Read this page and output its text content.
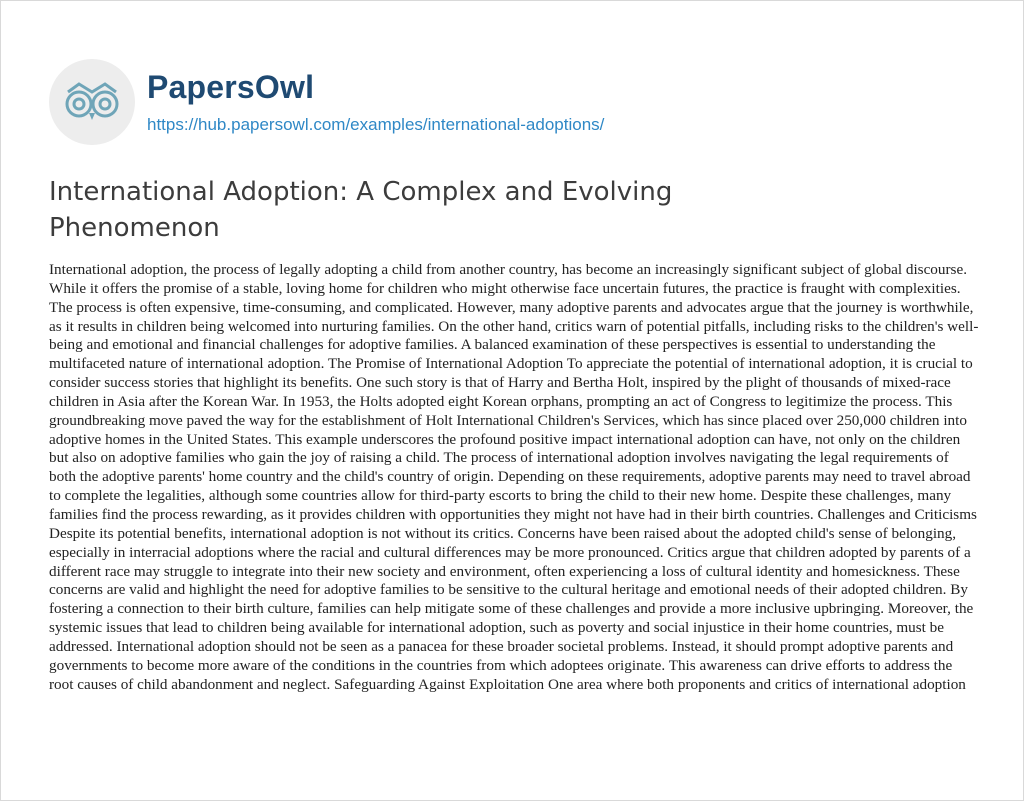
PapersOwl
https://hub.papersowl.com/examples/international-adoptions/
International Adoption: A Complex and Evolving Phenomenon

International adoption, the process of legally adopting a child from another country, has become an increasingly significant subject of global discourse. While it offers the promise of a stable, loving home for children who might otherwise face uncertain futures, the practice is fraught with complexities. The process is often expensive, time-consuming, and complicated. However, many adoptive parents and advocates argue that the journey is worthwhile, as it results in children being welcomed into nurturing families. On the other hand, critics warn of potential pitfalls, including risks to the children's well-being and emotional and financial challenges for adoptive families. A balanced examination of these perspectives is essential to understanding the multifaceted nature of international adoption. The Promise of International Adoption To appreciate the potential of international adoption, it is crucial to consider success stories that highlight its benefits. One such story is that of Harry and Bertha Holt, inspired by the plight of thousands of mixed-race children in Asia after the Korean War. In 1953, the Holts adopted eight Korean orphans, prompting an act of Congress to legitimize the process. This groundbreaking move paved the way for the establishment of Holt International Children's Services, which has since placed over 250,000 children into adoptive homes in the United States. This example underscores the profound positive impact international adoption can have, not only on the children but also on adoptive families who gain the joy of raising a child. The process of international adoption involves navigating the legal requirements of both the adoptive parents' home country and the child's country of origin. Depending on these requirements, adoptive parents may need to travel abroad to complete the legalities, although some countries allow for third-party escorts to bring the child to their new home. Despite these challenges, many families find the process rewarding, as it provides children with opportunities they might not have had in their birth countries. Challenges and Criticisms Despite its potential benefits, international adoption is not without its critics. Concerns have been raised about the adopted child's sense of belonging, especially in interracial adoptions where the racial and cultural differences may be more pronounced. Critics argue that children adopted by parents of a different race may struggle to integrate into their new society and environment, often experiencing a loss of cultural identity and homesickness. These concerns are valid and highlight the need for adoptive families to be sensitive to the cultural heritage and emotional needs of their adopted children. By fostering a connection to their birth culture, families can help mitigate some of these challenges and provide a more inclusive upbringing. Moreover, the systemic issues that lead to children being available for international adoption, such as poverty and social injustice in their home countries, must be addressed. International adoption should not be seen as a panacea for these broader societal problems. Instead, it should prompt adoptive parents and governments to become more aware of the conditions in the countries from which adoptees originate. This awareness can drive efforts to address the root causes of child abandonment and neglect. Safeguarding Against Exploitation One area where both proponents and critics of international adoption
